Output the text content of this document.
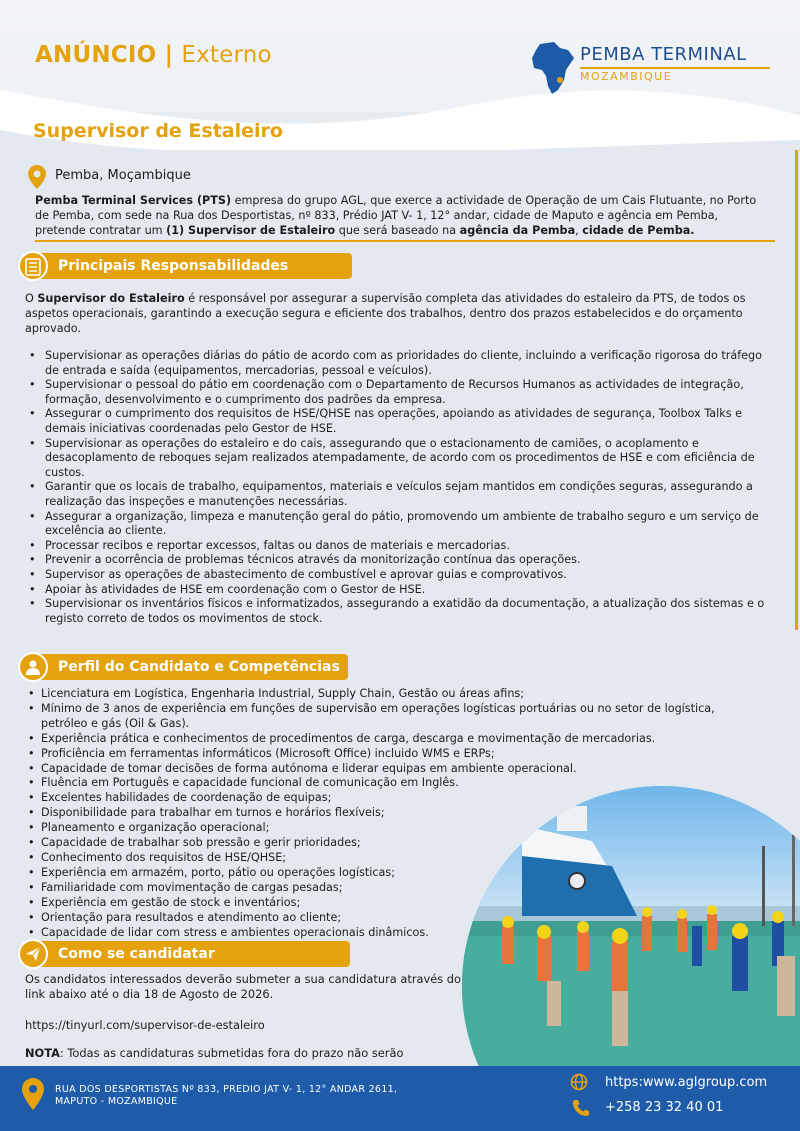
ANÚNCIO | Externo	PEMBA TERMINAL
MOZAMBIQUE
Supervisor de Estaleiro
Pemba, Moçambique
Pemba Terminal Services (PTS) empresa do grupo AGL, que exerce a actividade de Operação de um Cais Flutuante, no Porto de Pemba, com sede na Rua dos Desportistas, nº 833, Prédio JAT V- 1, 12° andar, cidade de Maputo e agência em Pemba, pretende contratar um (1) Supervisor de Estaleiro que será baseado na agência da Pemba, cidade de Pemba.
Principais Responsabilidades
O Supervisor do Estaleiro é responsável por assegurar a supervisão completa das atividades do estaleiro da PTS, de todos os aspetos operacionais, garantindo a execução segura e eficiente dos trabalhos, dentro dos prazos estabelecidos e do orçamento aprovado.
• Supervisionar as operações diárias do pátio de acordo com as prioridades do cliente, incluindo a verificação rigorosa do tráfego de entrada e saída (equipamentos, mercadorias, pessoal e veículos).
• Supervisionar o pessoal do pátio em coordenação com o Departamento de Recursos Humanos as actividades de integração, formação, desenvolvimento e o cumprimento dos padrões da empresa.
• Assegurar o cumprimento dos requisitos de HSE/QHSE nas operações, apoiando as atividades de segurança, Toolbox Talks e demais iniciativas coordenadas pelo Gestor de HSE.
• Supervisionar as operações do estaleiro e do cais, assegurando que o estacionamento de camiões, o acoplamento e desacoplamento de reboques sejam realizados atempadamente, de acordo com os procedimentos de HSE e com eficiência de custos.
• Garantir que os locais de trabalho, equipamentos, materiais e veículos sejam mantidos em condições seguras, assegurando a realização das inspeções e manutenções necessárias.
• Assegurar a organização, limpeza e manutenção geral do pátio, promovendo um ambiente de trabalho seguro e um serviço de excelência ao cliente.
• Processar recibos e reportar excessos, faltas ou danos de materiais e mercadorias.
• Prevenir a ocorrência de problemas técnicos através da monitorização contínua das operações.
• Supervisor as operações de abastecimento de combustível e aprovar guias e comprovativos.
• Apoiar às atividades de HSE em coordenação com o Gestor de HSE.
• Supervisionar os inventários físicos e informatizados, assegurando a exatidão da documentação, a atualização dos sistemas e o registo correto de todos os movimentos de stock.
Perfil do Candidato e Competências
• Licenciatura em Logística, Engenharia Industrial, Supply Chain, Gestão ou áreas afins;
• Mínimo de 3 anos de experiência em funções de supervisão em operações logísticas portuárias ou no setor de logística, petróleo e gás (Oil & Gas).
• Experiência prática e conhecimentos de procedimentos de carga, descarga e movimentação de mercadorias.
• Proficiência em ferramentas informáticos (Microsoft Office) incluido WMS e ERPs;
• Capacidade de tomar decisões de forma autónoma e liderar equipas em ambiente operacional.
• Fluência em Português e capacidade funcional de comunicação em Inglês.
• Excelentes habilidades de coordenação de equipas;
• Disponibilidade para trabalhar em turnos e horários flexíveis;
• Planeamento e organização operacional;
• Capacidade de trabalhar sob pressão e gerir prioridades;
• Conhecimento dos requisitos de HSE/QHSE;
• Experiência em armazém, porto, pátio ou operações logísticas;
• Familiaridade com movimentação de cargas pesadas;
• Experiência em gestão de stock e inventários;
• Orientação para resultados e atendimento ao cliente;
• Capacidade de lidar com stress e ambientes operacionais dinâmicos.
Como se candidatar
Os candidatos interessados deverão submeter a sua candidatura através do link abaixo até o dia 18 de Agosto de 2026.
https://tinyurl.com/supervisor-de-estaleiro
NOTA: Todas as candidaturas submetidas fora do prazo não serão
RUA DOS DESPORTISTAS Nº 833, PREDIO JAT V- 1, 12° ANDAR 2611,
MAPUTO - MOZAMBIQUE
https:www.aglgroup.com
+258 23 32 40 01
